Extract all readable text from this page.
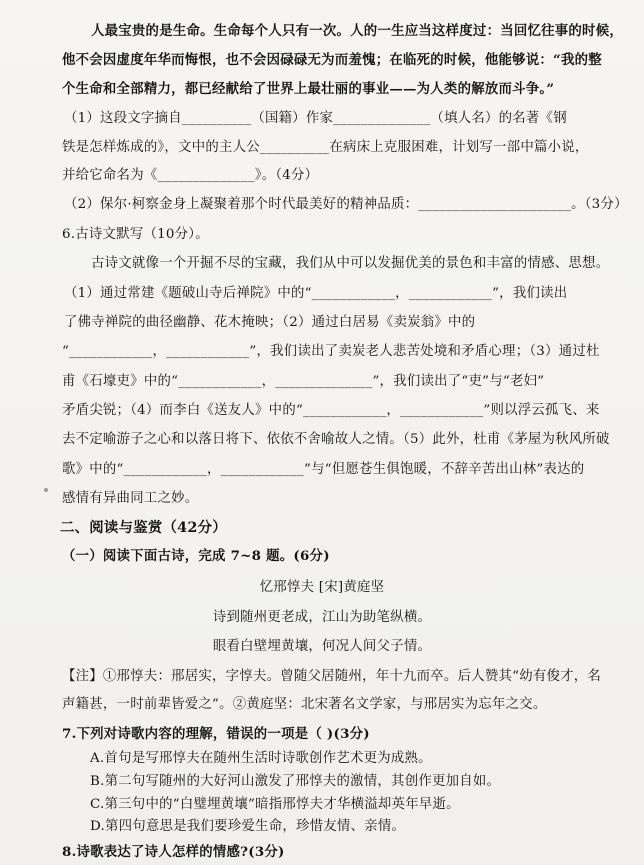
人最宝贵的是生命。生命每个人只有一次。人的一生应当这样度过：当回忆往事的时候，
他不会因虚度年华而悔恨，也不会因碌碌无为而羞愧；在临死的时候，他能够说：“我的整
个生命和全部精力，都已经献给了世界上最壮丽的事业——为人类的解放而斗争。”
（1）这段文字摘自__________（国籍）作家______________（填人名）的名著《钢
铁是怎样炼成的》，文中的主人公__________在病床上克服困难，计划写一部中篇小说，
并给它命名为《______________》。（4分）
（2）保尔·柯察金身上凝聚着那个时代最美好的精神品质：______________________。（3分）
6.古诗文默写（10分）。
古诗文就像一个开掘不尽的宝藏，我们从中可以发掘优美的景色和丰富的情感、思想。
（1）通过常建《题破山寺后禅院》中的“____________，____________”，我们读出
了佛寺禅院的曲径幽静、花木掩映；（2）通过白居易《卖炭翁》中的
“____________，____________”，我们读出了卖炭老人悲苦处境和矛盾心理；（3）通过杜
甫《石壕吏》中的“____________，______________”，我们读出了“吏”与“老妇”
矛盾尖锐；（4）而李白《送友人》中的“____________，____________”则以浮云孤飞、来
去不定喻游子之心和以落日将下、依依不舍喻故人之情。（5）此外，杜甫《茅屋为秋风所破
歌》中的“____________，____________”与“但愿苍生俱饱暖，不辞辛苦出山林”表达的
感情有异曲同工之妙。
二、阅读与鉴赏（42分）
（一）阅读下面古诗，完成 7~8 题。(6分)
忆邢惇夫 [宋]黄庭坚
诗到随州更老成，江山为助笔纵横。
眼看白壁埋黄壤，何况人间父子情。
【注】①邢惇夫：邢居实，字惇夫。曾随父居随州，年十九而卒。后人赞其“幼有俊才，名
声籍甚，一时前辈皆爱之”。②黄庭坚：北宋著名文学家，与邢居实为忘年之交。
7.下列对诗歌内容的理解，错误的一项是（ )(3分)
A.首句是写邢惇夫在随州生活时诗歌创作艺术更为成熟。
B.第二句写随州的大好河山激发了邢惇夫的激情，其创作更加自如。
C.第三句中的“白璧埋黄壤”暗指邢惇夫才华横溢却英年早逝。
D.第四句意思是我们要珍爱生命，珍惜友情、亲情。
8.诗歌表达了诗人怎样的情感?(3分)
